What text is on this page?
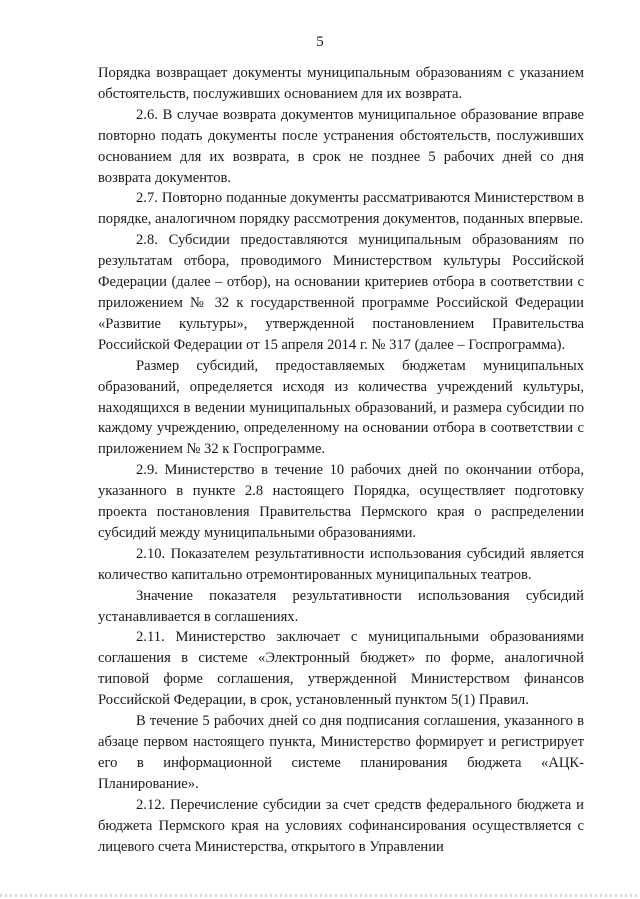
5

Порядка возвращает документы муниципальным образованиям с указанием обстоятельств, послуживших основанием для их возврата.

2.6. В случае возврата документов муниципальное образование вправе повторно подать документы после устранения обстоятельств, послуживших основанием для их возврата, в срок не позднее 5 рабочих дней со дня возврата документов.

2.7. Повторно поданные документы рассматриваются Министерством в порядке, аналогичном порядку рассмотрения документов, поданных впервые.

2.8. Субсидии предоставляются муниципальным образованиям по результатам отбора, проводимого Министерством культуры Российской Федерации (далее – отбор), на основании критериев отбора в соответствии с приложением № 32 к государственной программе Российской Федерации «Развитие культуры», утвержденной постановлением Правительства Российской Федерации от 15 апреля 2014 г. № 317 (далее – Госпрограмма).

Размер субсидий, предоставляемых бюджетам муниципальных образований, определяется исходя из количества учреждений культуры, находящихся в ведении муниципальных образований, и размера субсидии по каждому учреждению, определенному на основании отбора в соответствии с приложением № 32 к Госпрограмме.

2.9. Министерство в течение 10 рабочих дней по окончании отбора, указанного в пункте 2.8 настоящего Порядка, осуществляет подготовку проекта постановления Правительства Пермского края о распределении субсидий между муниципальными образованиями.

2.10. Показателем результативности использования субсидий является количество капитально отремонтированных муниципальных театров.

Значение показателя результативности использования субсидий устанавливается в соглашениях.

2.11. Министерство заключает с муниципальными образованиями соглашения в системе «Электронный бюджет» по форме, аналогичной типовой форме соглашения, утвержденной Министерством финансов Российской Федерации, в срок, установленный пунктом 5(1) Правил.

В течение 5 рабочих дней со дня подписания соглашения, указанного в абзаце первом настоящего пункта, Министерство формирует и регистрирует его в информационной системе планирования бюджета «АЦК-Планирование».

2.12. Перечисление субсидии за счет средств федерального бюджета и бюджета Пермского края на условиях софинансирования осуществляется с лицевого счета Министерства, открытого в Управлении
